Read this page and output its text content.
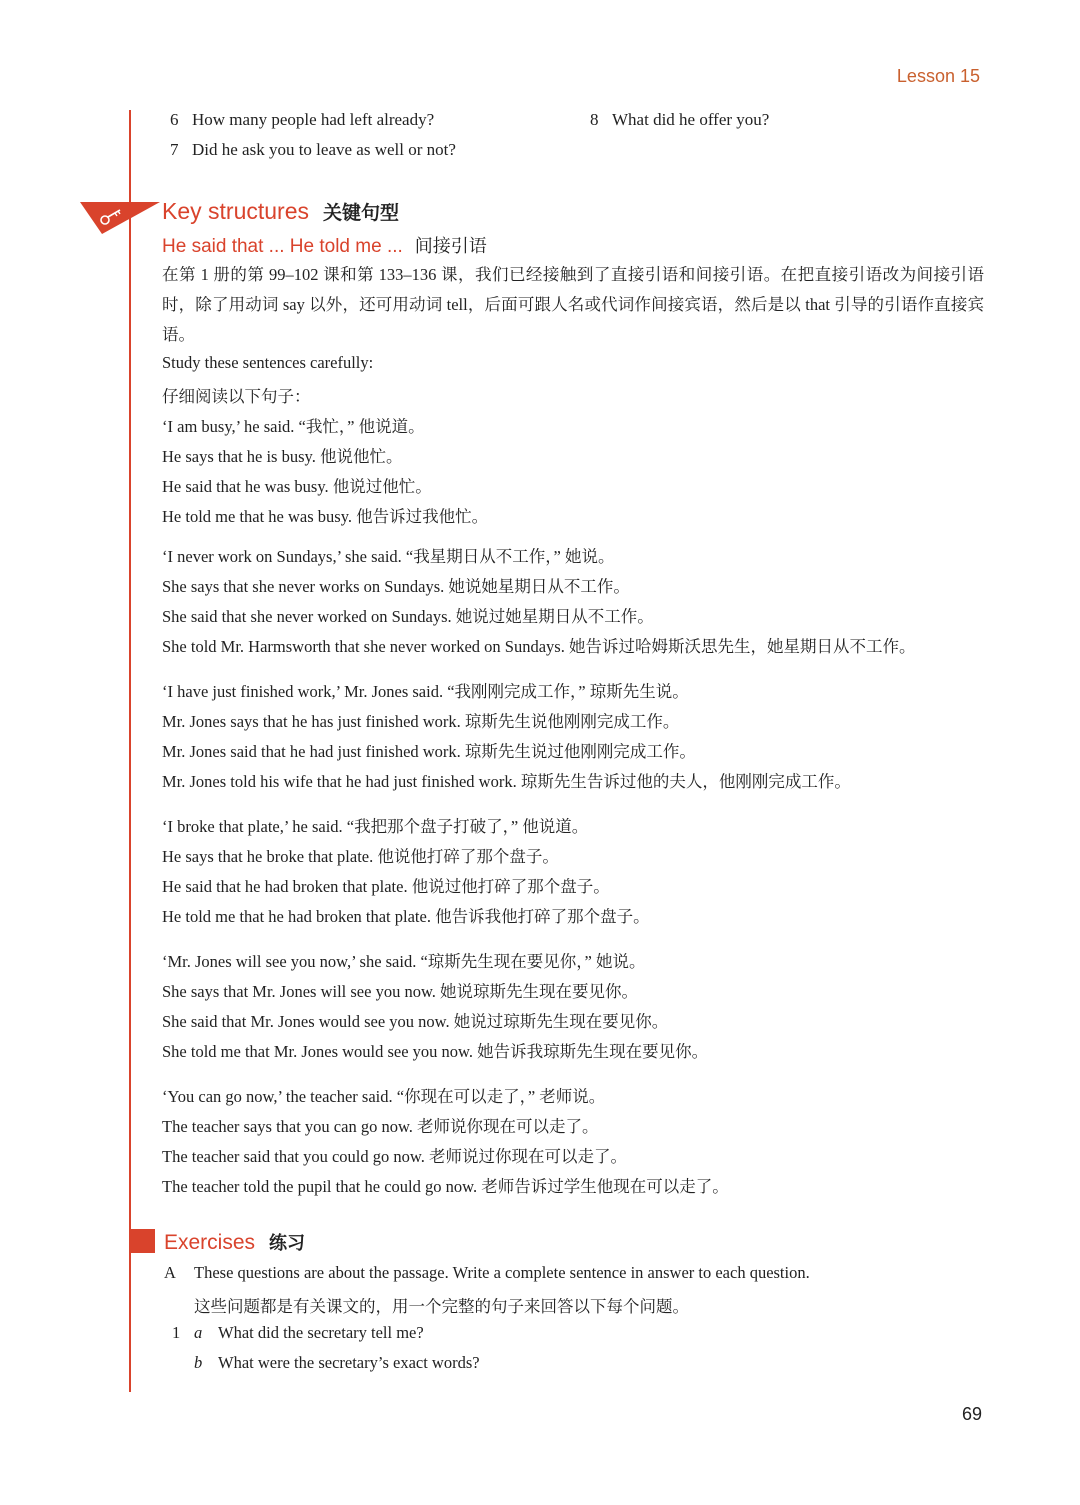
Lesson 15
6 How many people had left already?
7 Did he ask you to leave as well or not?
8 What did he offer you?
Key structures 关键句型
He said that ... He told me ... 间接引语
在第 1 册的第 99–102 课和第 133–136 课，我们已经接触到了直接引语和间接引语。在把直接引语改为间接引语时，除了用动词 say 以外，还可用动词 tell，后面可跟人名或代词作间接宾语，然后是以 that 引导的引语作直接宾语。
Study these sentences carefully:
仔细阅读以下句子：
‘I am busy,’ he said. “我忙，” 他说道。
He says that he is busy. 他说他忙。
He said that he was busy. 他说过他忙。
He told me that he was busy. 他告诉过我他忙。
‘I never work on Sundays,’ she said. “我星期日从不工作，” 她说。
She says that she never works on Sundays. 她说她星期日从不工作。
She said that she never worked on Sundays. 她说过她星期日从不工作。
She told Mr. Harmsworth that she never worked on Sundays. 她告诉过哈姆斯沃思先生，她星期日从不工作。
‘I have just finished work,’ Mr. Jones said. “我刚刚完成工作，” 琼斯先生说。
Mr. Jones says that he has just finished work. 琼斯先生说他刚刚完成工作。
Mr. Jones said that he had just finished work. 琼斯先生说过他刚刚完成工作。
Mr. Jones told his wife that he had just finished work. 琼斯先生告诉过他的夫人，他刚刚完成工作。
‘I broke that plate,’ he said. “我把那个盘子打破了，” 他说道。
He says that he broke that plate. 他说他打碎了那个盘子。
He said that he had broken that plate. 他说过他打碎了那个盘子。
He told me that he had broken that plate. 他告诉我他打碎了那个盘子。
‘Mr. Jones will see you now,’ she said. “琼斯先生现在要见你，” 她说。
She says that Mr. Jones will see you now. 她说琼斯先生现在要见你。
She said that Mr. Jones would see you now. 她说过琼斯先生现在要见你。
She told me that Mr. Jones would see you now. 她告诉我琼斯先生现在要见你。
‘You can go now,’ the teacher said. “你现在可以走了，” 老师说。
The teacher says that you can go now. 老师说你现在可以走了。
The teacher said that you could go now. 老师说过你现在可以走了。
The teacher told the pupil that he could go now. 老师告诉过学生他现在可以走了。
Exercises 练习
A These questions are about the passage. Write a complete sentence in answer to each question.
这些问题都是有关课文的，用一个完整的句子来回答以下每个问题。
1 a What did the secretary tell me?
b What were the secretary’s exact words?
69
